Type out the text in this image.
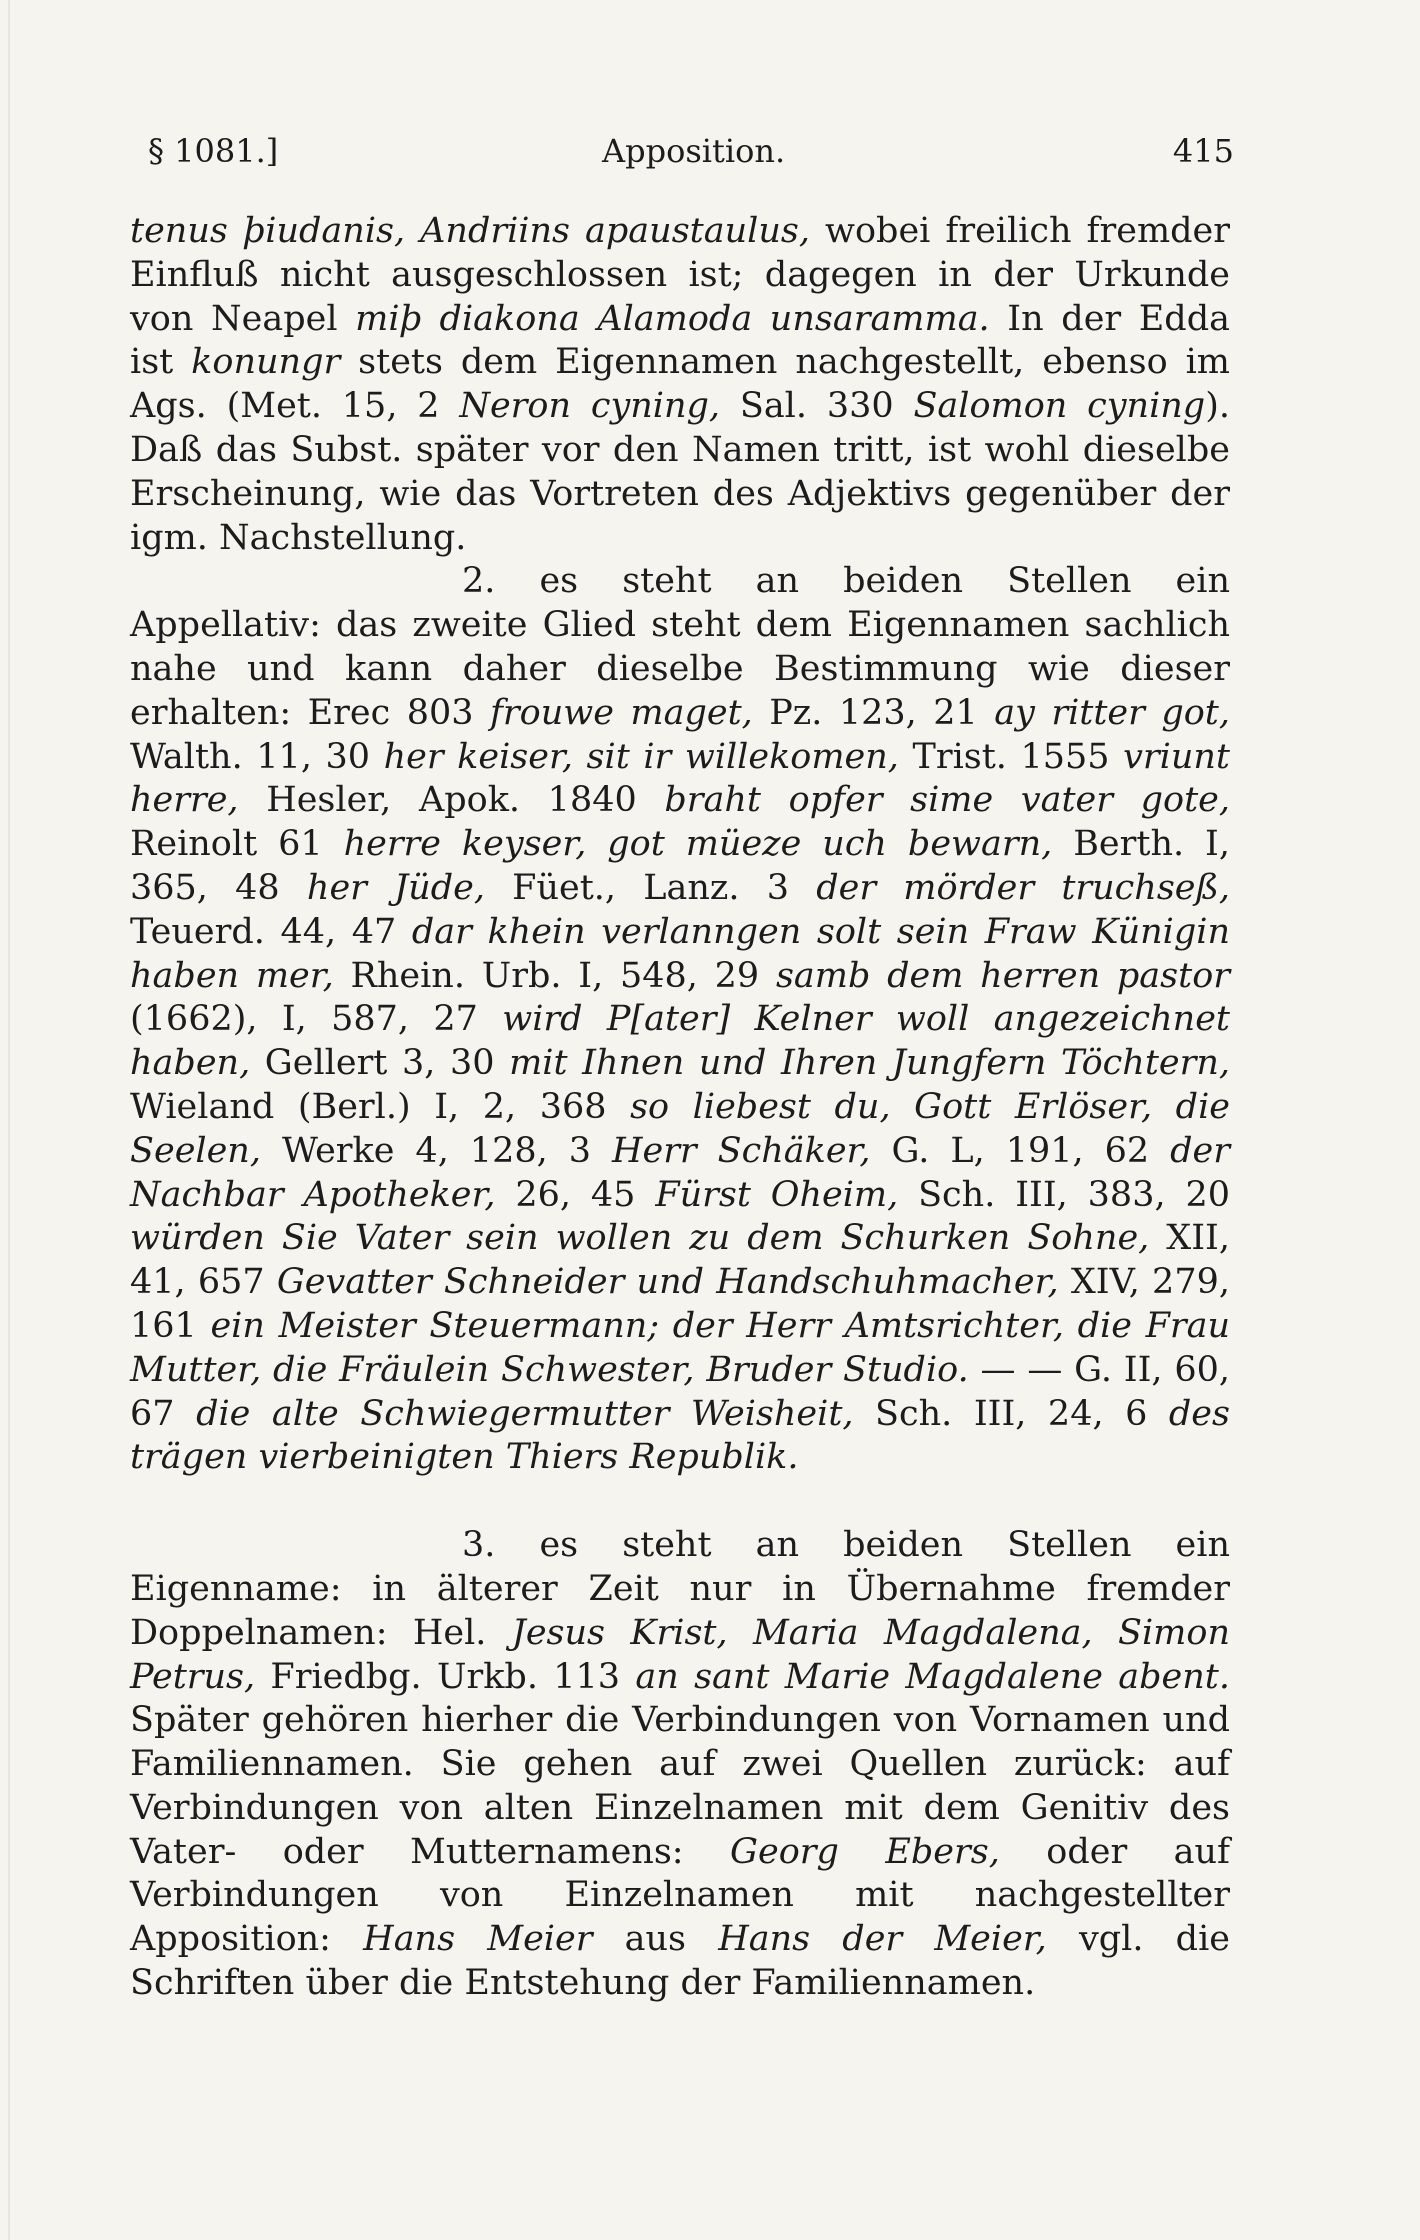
§ 1081.]	Apposition.	415

tenus þiudanis, Andriins apaustaulus, wobei freilich fremder Einfluß nicht ausgeschlossen ist; dagegen in der Urkunde von Neapel miþ diakona Alamoda unsaramma. In der Edda ist konungr stets dem Eigennamen nachgestellt, ebenso im Ags. (Met. 15, 2 Neron cyning, Sal. 330 Salomon cyning). Daß das Subst. später vor den Namen tritt, ist wohl dieselbe Erscheinung, wie das Vortreten des Adjektivs gegenüber der igm. Nachstellung.

2. es steht an beiden Stellen ein Appellativ: das zweite Glied steht dem Eigennamen sachlich nahe und kann daher dieselbe Bestimmung wie dieser erhalten: Erec 803 frouwe maget, Pz. 123, 21 ay ritter got, Walth. 11, 30 her keiser, sit ir willekomen, Trist. 1555 vriunt herre, Hesler, Apok. 1840 braht opfer sime vater gote, Reinolt 61 herre keyser, got müeze uch bewarn, Berth. I, 365, 48 her Jüde, Füet., Lanz. 3 der mörder truchseß, Teuerd. 44, 47 dar khein verlanngen solt sein Fraw Künigin haben mer, Rhein. Urb. I, 548, 29 samb dem herren pastor (1662), I, 587, 27 wird P[ater] Kelner woll angezeichnet haben, Gellert 3, 30 mit Ihnen und Ihren Jungfern Töchtern, Wieland (Berl.) I, 2, 368 so liebest du, Gott Erlöser, die Seelen, Werke 4, 128, 3 Herr Schäker, G. L, 191, 62 der Nachbar Apotheker, 26, 45 Fürst Oheim, Sch. III, 383, 20 würden Sie Vater sein wollen zu dem Schurken Sohne, XII, 41, 657 Gevatter Schneider und Handschuhmacher, XIV, 279, 161 ein Meister Steuermann; der Herr Amtsrichter, die Frau Mutter, die Fräulein Schwester, Bruder Studio. — — G. II, 60, 67 die alte Schwiegermutter Weisheit, Sch. III, 24, 6 des trägen vierbeinigten Thiers Republik.

3. es steht an beiden Stellen ein Eigenname: in älterer Zeit nur in Übernahme fremder Doppelnamen: Hel. Jesus Krist, Maria Magdalena, Simon Petrus, Friedbg. Urkb. 113 an sant Marie Magdalene abent. Später gehören hierher die Verbindungen von Vornamen und Familiennamen. Sie gehen auf zwei Quellen zurück: auf Verbindungen von alten Einzelnamen mit dem Genitiv des Vater- oder Mutternamens: Georg Ebers, oder auf Verbindungen von Einzelnamen mit nachgestellter Apposition: Hans Meier aus Hans der Meier, vgl. die Schriften über die Entstehung der Familiennamen.
